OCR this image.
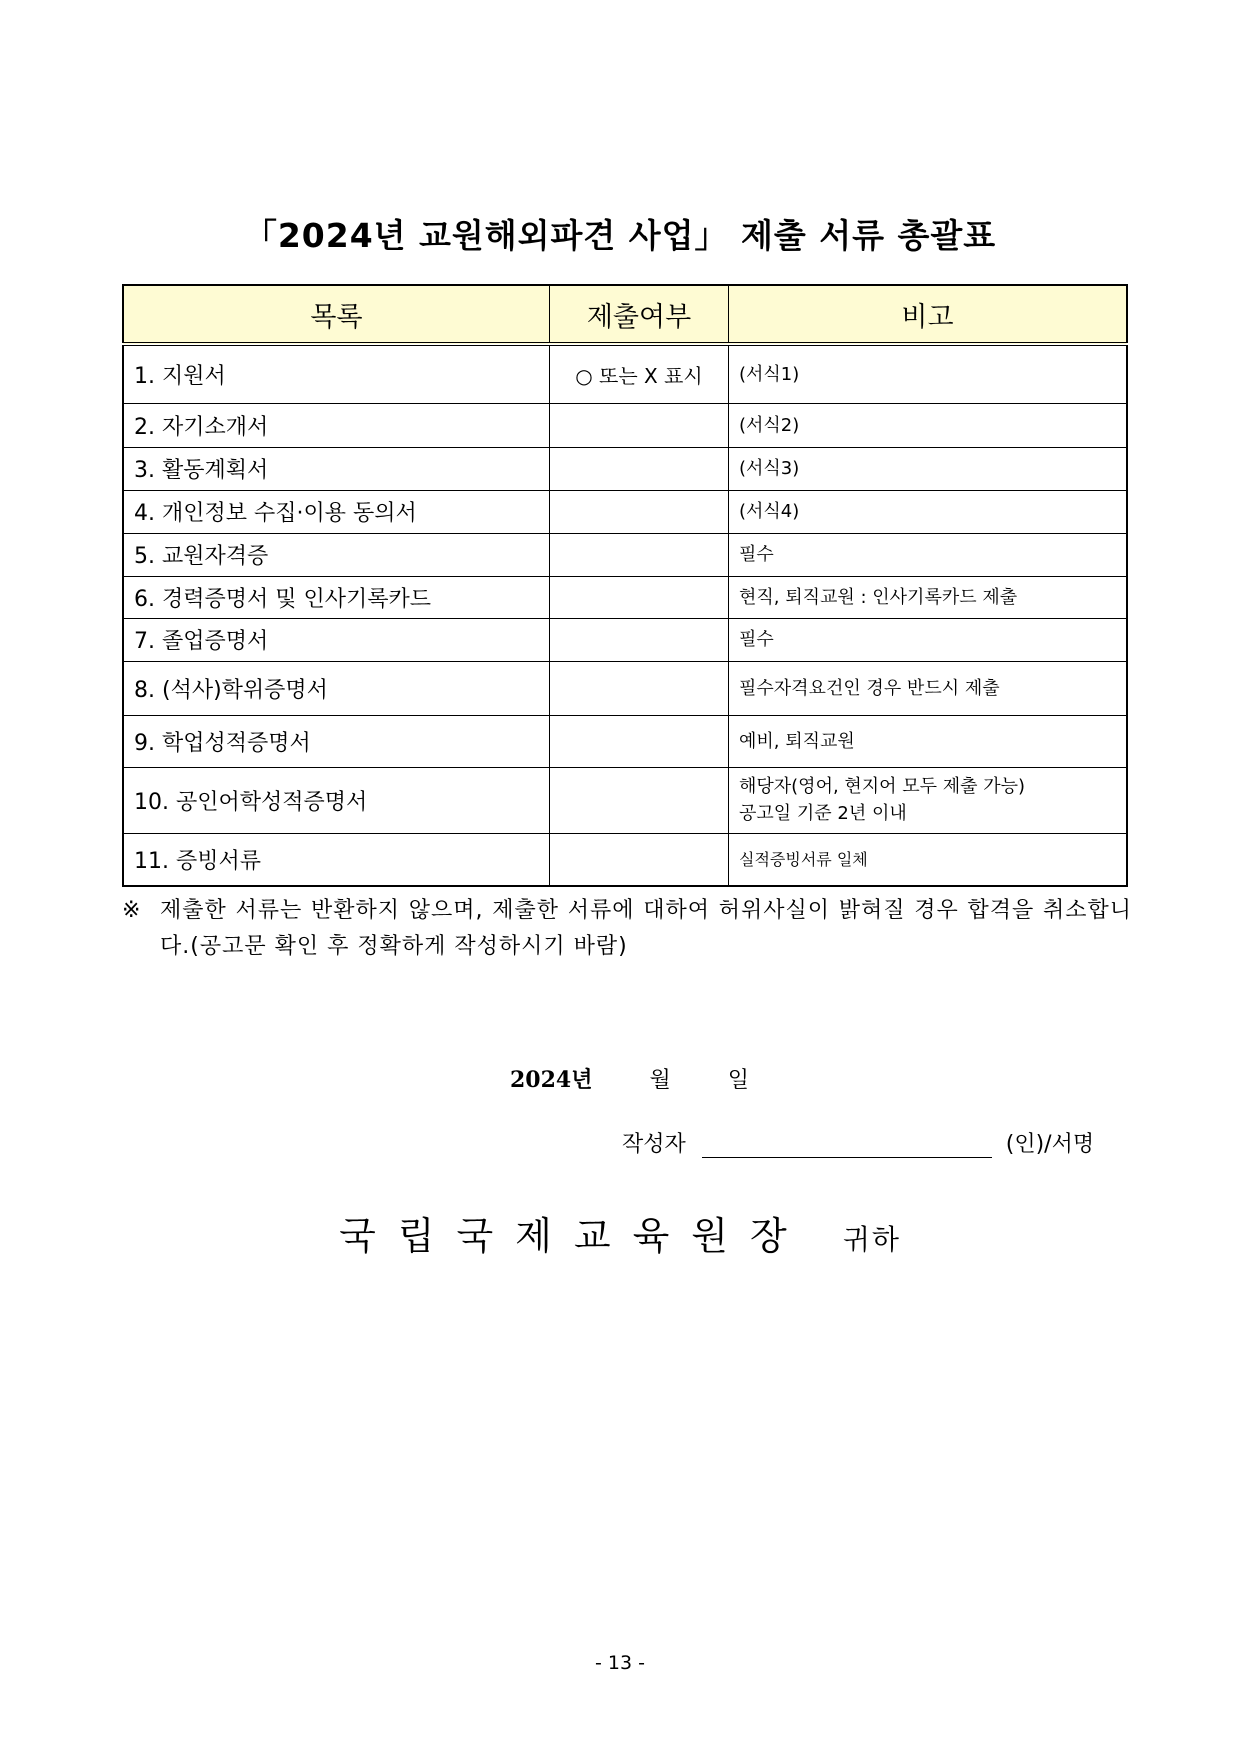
「2024년 교원해외파견 사업」 제출 서류 총괄표
목록	제출여부	비고
1. 지원서	○ 또는 X 표시	(서식1)
2. 자기소개서		(서식2)
3. 활동계획서		(서식3)
4. 개인정보 수집·이용 동의서		(서식4)
5. 교원자격증		필수
6. 경력증명서 및 인사기록카드		현직, 퇴직교원 : 인사기록카드 제출
7. 졸업증명서		필수
8. (석사)학위증명서		필수자격요건인 경우 반드시 제출
9. 학업성적증명서		예비, 퇴직교원
10. 공인어학성적증명서		해당자(영어, 현지어 모두 제출 가능)
공고일 기준 2년 이내
11. 증빙서류		실적증빙서류 일체
※ 제출한 서류는 반환하지 않으며, 제출한 서류에 대하여 허위사실이 밝혀질 경우 합격을 취소합니다.(공고문 확인 후 정확하게 작성하시기 바람)
2024년	월	일
작성자	(인)/서명
국립국제교육원장 귀하
- 13 -
